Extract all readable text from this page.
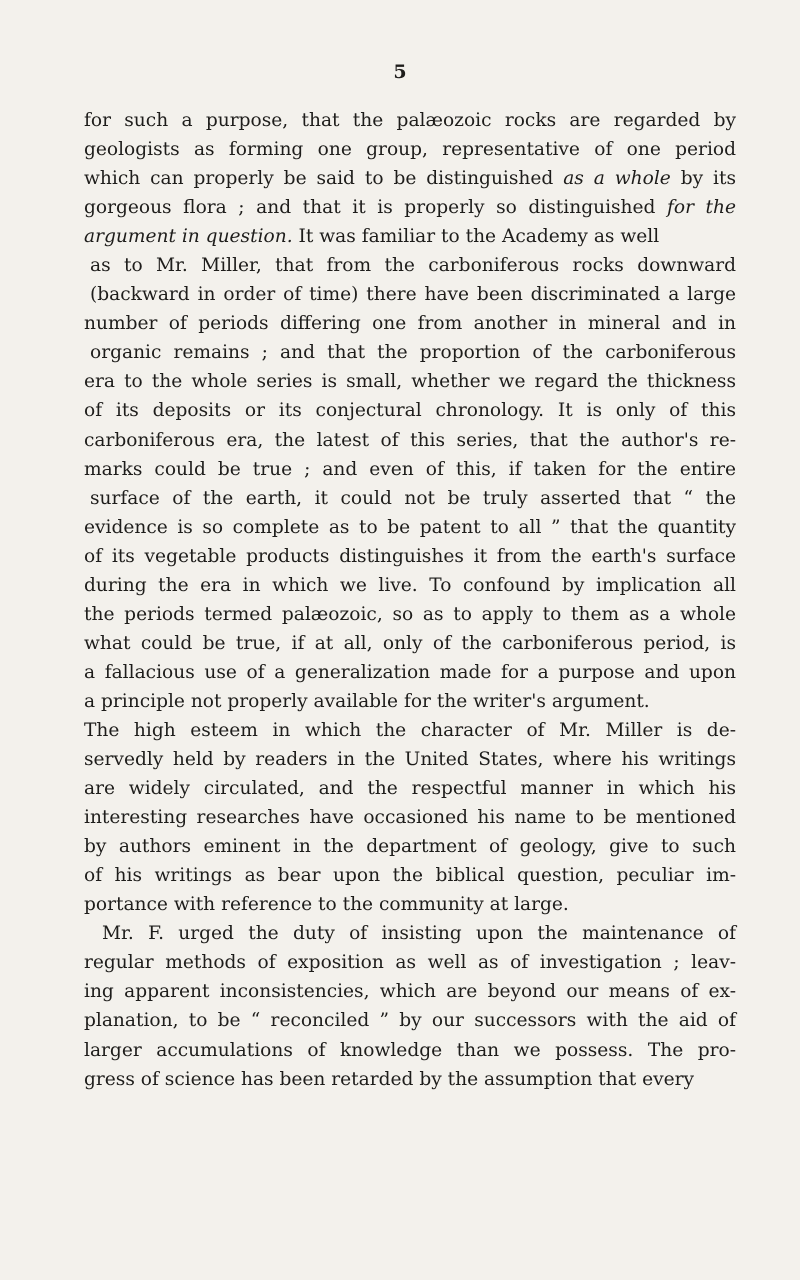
5
for such a purpose, that the palæozoic rocks are regarded by
geologists as forming one group, representative of one period
which can properly be said to be distinguished as a whole by its
gorgeous flora ; and that it is properly so distinguished for the
argument in question. It was familiar to the Academy as well
as to Mr. Miller, that from the carboniferous rocks downward
(backward in order of time) there have been discriminated a large
number of periods differing one from another in mineral and in
organic remains ; and that the proportion of the carboniferous
era to the whole series is small, whether we regard the thickness
of its deposits or its conjectural chronology. It is only of this
carboniferous era, the latest of this series, that the author's re-
marks could be true ; and even of this, if taken for the entire
surface of the earth, it could not be truly asserted that “ the
evidence is so complete as to be patent to all ” that the quantity
of its vegetable products distinguishes it from the earth's surface
during the era in which we live. To confound by implication all
the periods termed palæozoic, so as to apply to them as a whole
what could be true, if at all, only of the carboniferous period, is
a fallacious use of a generalization made for a purpose and upon
a principle not properly available for the writer's argument.
The high esteem in which the character of Mr. Miller is de-
servedly held by readers in the United States, where his writings
are widely circulated, and the respectful manner in which his
interesting researches have occasioned his name to be mentioned
by authors eminent in the department of geology, give to such
of his writings as bear upon the biblical question, peculiar im-
portance with reference to the community at large.
Mr. F. urged the duty of insisting upon the maintenance of
regular methods of exposition as well as of investigation ; leav-
ing apparent inconsistencies, which are beyond our means of ex-
planation, to be “ reconciled ” by our successors with the aid of
larger accumulations of knowledge than we possess. The pro-
gress of science has been retarded by the assumption that every
